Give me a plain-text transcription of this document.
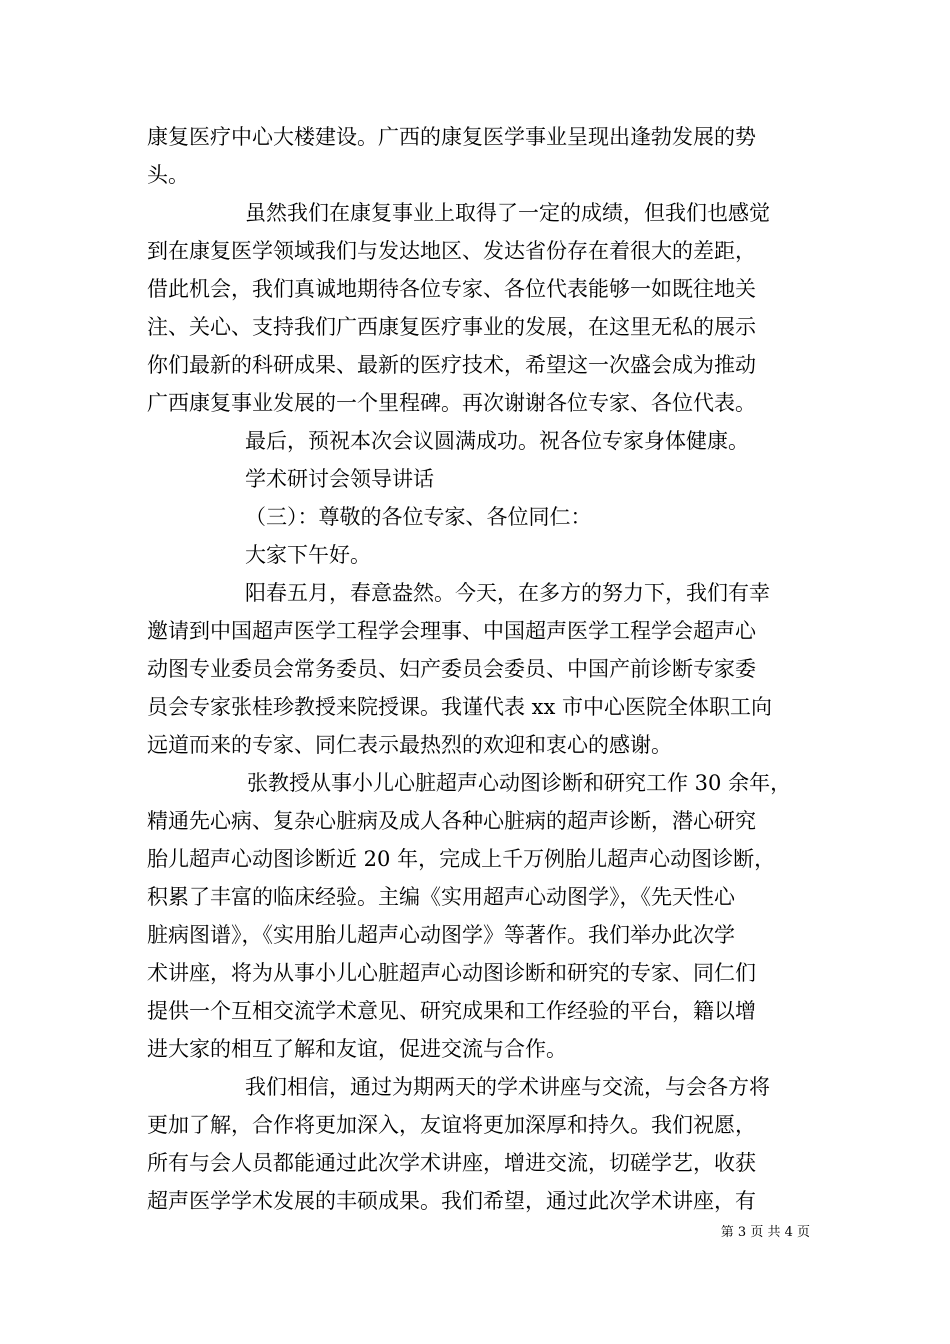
康复医疗中心大楼建设。广西的康复医学事业呈现出逢勃发展的势
头。
虽然我们在康复事业上取得了一定的成绩，但我们也感觉
到在康复医学领域我们与发达地区、发达省份存在着很大的差距，
借此机会，我们真诚地期待各位专家、各位代表能够一如既往地关
注、关心、支持我们广西康复医疗事业的发展，在这里无私的展示
你们最新的科研成果、最新的医疗技术，希望这一次盛会成为推动
广西康复事业发展的一个里程碑。再次谢谢各位专家、各位代表。
最后，预祝本次会议圆满成功。祝各位专家身体健康。
学术研讨会领导讲话
（三）：尊敬的各位专家、各位同仁：
大家下午好。
阳春五月，春意盎然。今天，在多方的努力下，我们有幸
邀请到中国超声医学工程学会理事、中国超声医学工程学会超声心
动图专业委员会常务委员、妇产委员会委员、中国产前诊断专家委
员会专家张桂珍教授来院授课。我谨代表 xx 市中心医院全体职工向
远道而来的专家、同仁表示最热烈的欢迎和衷心的感谢。
张教授从事小儿心脏超声心动图诊断和研究工作 30 余年，
精通先心病、复杂心脏病及成人各种心脏病的超声诊断，潜心研究
胎儿超声心动图诊断近 20 年，完成上千万例胎儿超声心动图诊断，
积累了丰富的临床经验。主编《实用超声心动图学》，《先天性心
脏病图谱》，《实用胎儿超声心动图学》等著作。我们举办此次学
术讲座，将为从事小儿心脏超声心动图诊断和研究的专家、同仁们
提供一个互相交流学术意见、研究成果和工作经验的平台，籍以增
进大家的相互了解和友谊，促进交流与合作。
我们相信，通过为期两天的学术讲座与交流，与会各方将
更加了解，合作将更加深入，友谊将更加深厚和持久。我们祝愿，
所有与会人员都能通过此次学术讲座，增进交流，切磋学艺，收获
超声医学学术发展的丰硕成果。我们希望，通过此次学术讲座，有
第 3 页 共 4 页
